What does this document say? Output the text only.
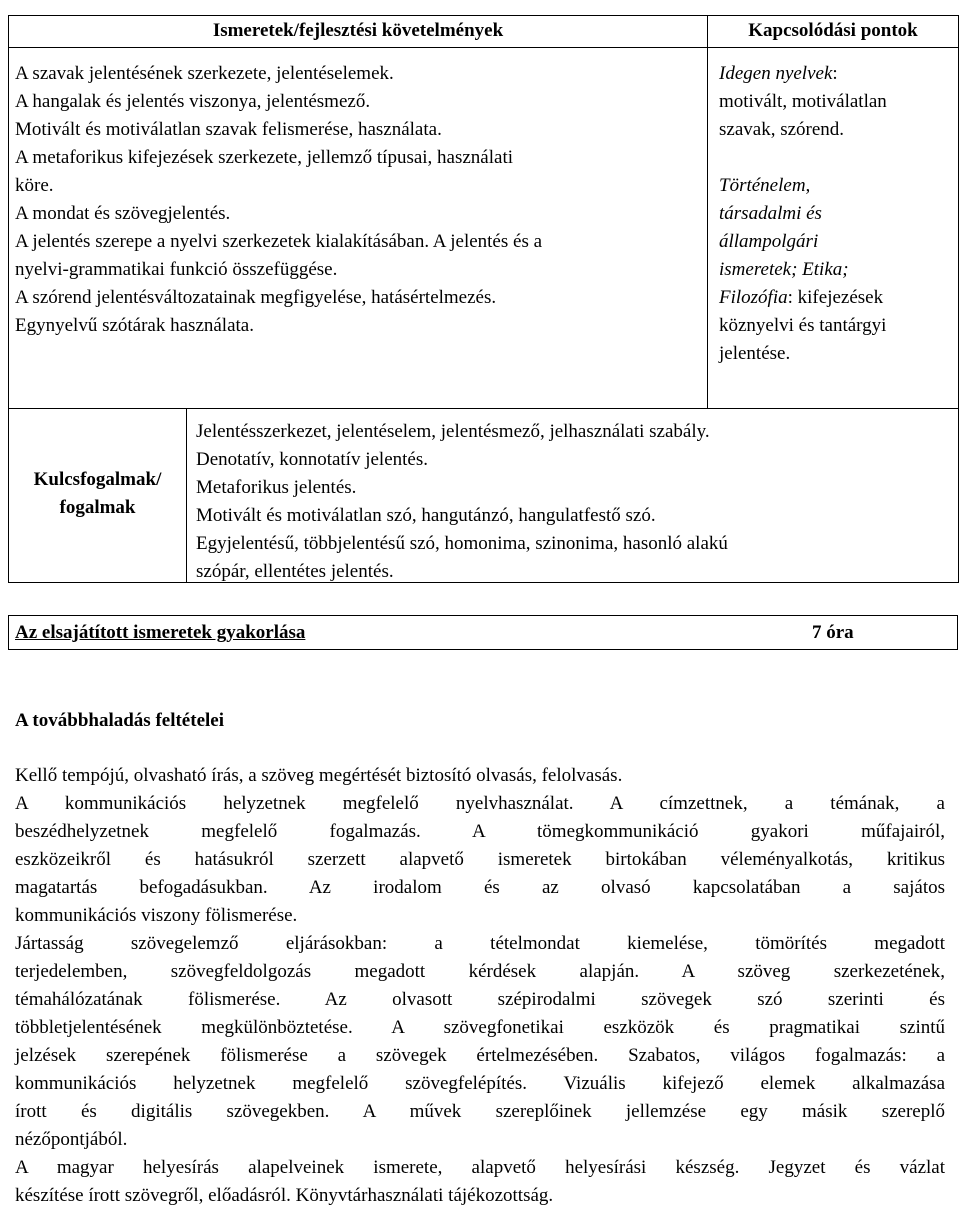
Ismeretek/fejlesztési követelmények	Kapcsolódási pontok
A szavak jelentésének szerkezete, jelentéselemek.
A hangalak és jelentés viszonya, jelentésmező.
Motivált és motiválatlan szavak felismerése, használata.
A metaforikus kifejezések szerkezete, jellemző típusai, használati
köre.
A mondat és szövegjelentés.
A jelentés szerepe a nyelvi szerkezetek kialakításában. A jelentés és a
nyelvi-grammatikai funkció összefüggése.
A szórend jelentésváltozatainak megfigyelése, hatásértelmezés.
Egynyelvű szótárak használata.
Idegen nyelvek:
motivált, motiválatlan
szavak, szórend.

Történelem,
társadalmi és
állampolgári
ismeretek; Etika;
Filozófia: kifejezések
köznyelvi és tantárgyi
jelentése.
Kulcsfogalmak/
fogalmak
Jelentésszerkezet, jelentéselem, jelentésmező, jelhasználati szabály.
Denotatív, konnotatív jelentés.
Metaforikus jelentés.
Motivált és motiválatlan szó, hangutánzó, hangulatfestő szó.
Egyjelentésű, többjelentésű szó, homonima, szinonima, hasonló alakú
szópár, ellentétes jelentés.
Az elsajátított ismeretek gyakorlása	7 óra
A továbbhaladás feltételei
Kellő tempójú, olvasható írás, a szöveg megértését biztosító olvasás, felolvasás.
A kommunikációs helyzetnek megfelelő nyelvhasználat. A címzettnek, a témának, a
beszédhelyzetnek megfelelő fogalmazás. A tömegkommunikáció gyakori műfajairól,
eszközeikről és hatásukról szerzett alapvető ismeretek birtokában véleményalkotás, kritikus
magatartás befogadásukban. Az irodalom és az olvasó kapcsolatában a sajátos
kommunikációs viszony fölismerése.
Jártasság szövegelemző eljárásokban: a tételmondat kiemelése, tömörítés megadott
terjedelemben, szövegfeldolgozás megadott kérdések alapján. A szöveg szerkezetének,
témahálózatának fölismerése. Az olvasott szépirodalmi szövegek szó szerinti és
többletjelentésének megkülönböztetése. A szövegfonetikai eszközök és pragmatikai szintű
jelzések szerepének fölismerése a szövegek értelmezésében. Szabatos, világos fogalmazás: a
kommunikációs helyzetnek megfelelő szövegfelépítés. Vizuális kifejező elemek alkalmazása
írott és digitális szövegekben. A művek szereplőinek jellemzése egy másik szereplő
nézőpontjából.
A magyar helyesírás alapelveinek ismerete, alapvető helyesírási készség. Jegyzet és vázlat
készítése írott szövegről, előadásról. Könyvtárhasználati tájékozottság.
